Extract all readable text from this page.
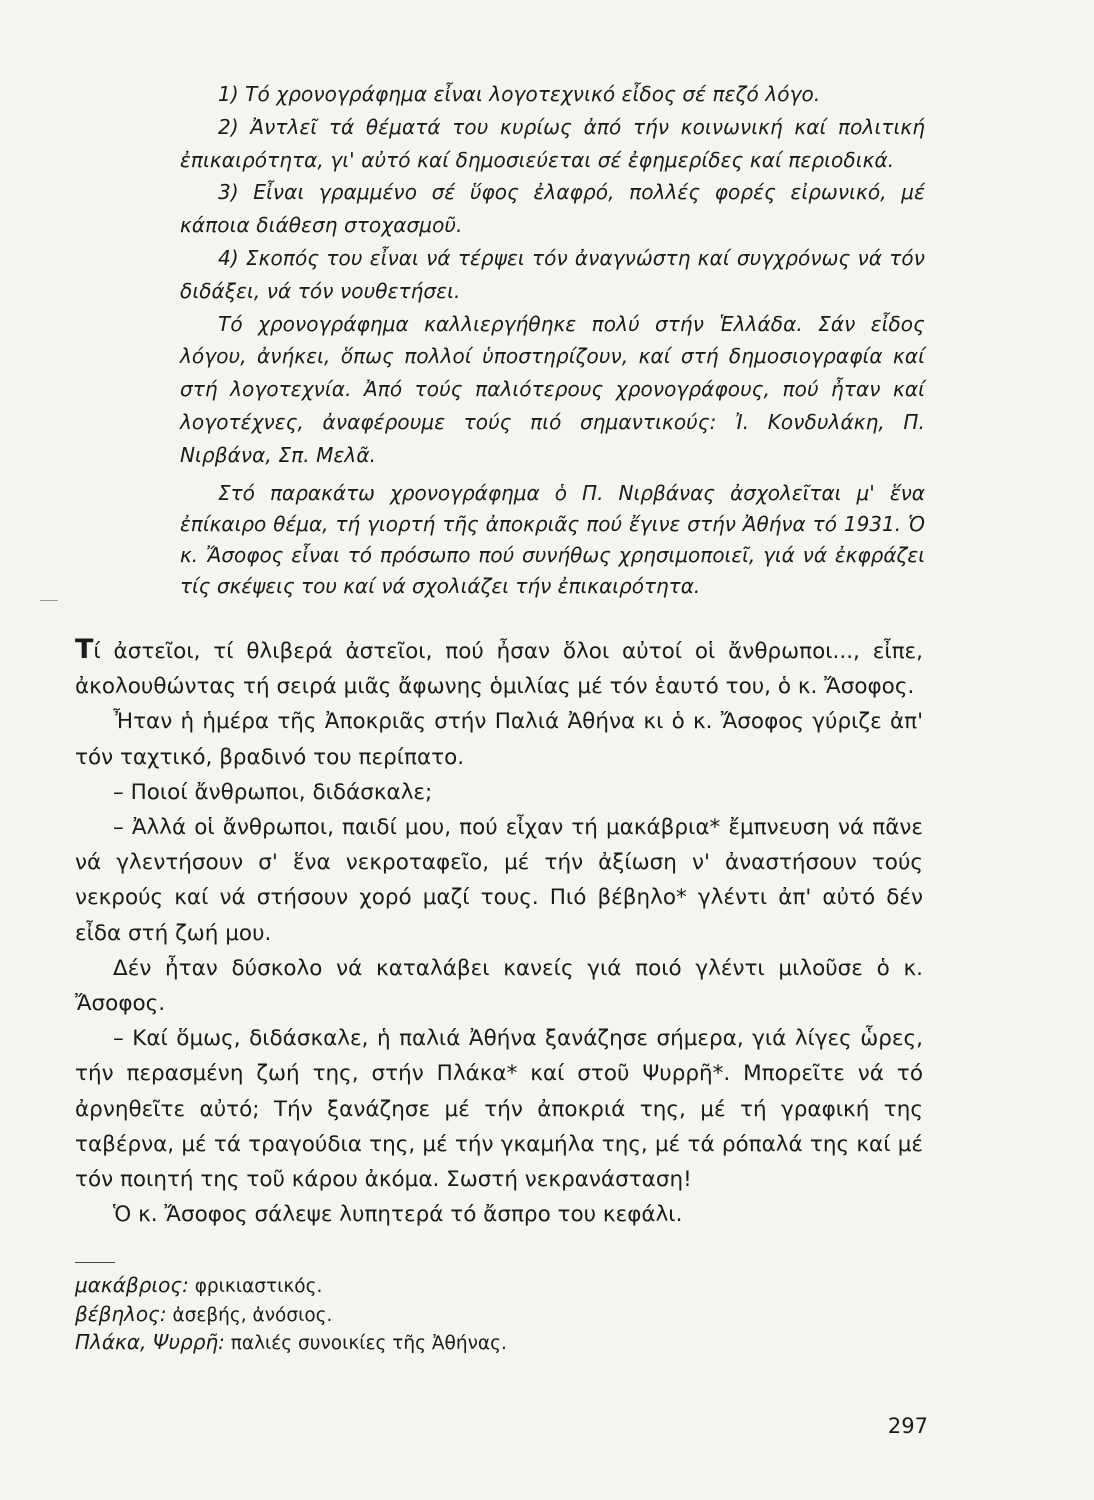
1) Τό χρονογράφημα εἶναι λογοτεχνικό εἶδος σέ πεζό λόγο.

2) Ἀντλεῖ τά θέματά του κυρίως ἀπό τήν κοινωνική καί πολιτική ἐπικαιρότητα, γι' αὐτό καί δημοσιεύεται σέ ἐφημερίδες καί περιοδικά.

3) Εἶναι γραμμένο σέ ὕφος ἐλαφρό, πολλές φορές εἰρωνικό, μέ κάποια διάθεση στοχασμοῦ.

4) Σκοπός του εἶναι νά τέρψει τόν ἀναγνώστη καί συγχρόνως νά τόν διδάξει, νά τόν νουθετήσει.

Τό χρονογράφημα καλλιεργήθηκε πολύ στήν Ἑλλάδα. Σάν εἶδος λόγου, ἀνήκει, ὅπως πολλοί ὑποστηρίζουν, καί στή δημοσιογραφία καί στή λογοτεχνία. Ἀπό τούς παλιότερους χρονογράφους, πού ἦταν καί λογοτέχνες, ἀναφέρουμε τούς πιό σημαντικούς: Ἰ. Κονδυλάκη, Π. Νιρβάνα, Σπ. Μελᾶ.

Στό παρακάτω χρονογράφημα ὁ Π. Νιρβάνας ἀσχολεῖται μ' ἕνα ἐπίκαιρο θέμα, τή γιορτή τῆς ἀποκριᾶς πού ἔγινε στήν Ἀθήνα τό 1931. Ὁ κ. Ἄσοφος εἶναι τό πρόσωπο πού συνήθως χρησιμοποιεῖ, γιά νά ἐκφράζει τίς σκέψεις του καί νά σχολιάζει τήν ἐπικαιρότητα.

Τί ἀστεῖοι, τί θλιβερά ἀστεῖοι, πού ἦσαν ὅλοι αὐτοί οἱ ἄνθρωποι..., εἶπε, ἀκολουθώντας τή σειρά μιᾶς ἄφωνης ὁμιλίας μέ τόν ἑαυτό του, ὁ κ. Ἄσοφος.

Ἦταν ἡ ἡμέρα τῆς Ἀποκριᾶς στήν Παλιά Ἀθήνα κι ὁ κ. Ἄσοφος γύριζε ἀπ' τόν ταχτικό, βραδινό του περίπατο.

– Ποιοί ἄνθρωποι, διδάσκαλε;

– Ἀλλά οἱ ἄνθρωποι, παιδί μου, πού εἶχαν τή μακάβρια* ἔμπνευση νά πᾶνε νά γλεντήσουν σ' ἕνα νεκροταφεῖο, μέ τήν ἀξίωση ν' ἀναστήσουν τούς νεκρούς καί νά στήσουν χορό μαζί τους. Πιό βέβηλο* γλέντι ἀπ' αὐτό δέν εἶδα στή ζωή μου.

Δέν ἦταν δύσκολο νά καταλάβει κανείς γιά ποιό γλέντι μιλοῦσε ὁ κ. Ἄσοφος.

– Καί ὅμως, διδάσκαλε, ἡ παλιά Ἀθήνα ξανάζησε σήμερα, γιά λίγες ὧρες, τήν περασμένη ζωή της, στήν Πλάκα* καί στοῦ Ψυρρῆ*. Μπορεῖτε νά τό ἀρνηθεῖτε αὐτό; Τήν ξανάζησε μέ τήν ἀποκριά της, μέ τή γραφική της ταβέρνα, μέ τά τραγούδια της, μέ τήν γκαμήλα της, μέ τά ρόπαλά της καί μέ τόν ποιητή της τοῦ κάρου ἀκόμα. Σωστή νεκρανάσταση!

Ὁ κ. Ἄσοφος σάλεψε λυπητερά τό ἄσπρο του κεφάλι.

μακάβριος: φρικιαστικός.

βέβηλος: ἀσεβής, ἀνόσιος.

Πλάκα, Ψυρρῆ: παλιές συνοικίες τῆς Ἀθήνας.

297
